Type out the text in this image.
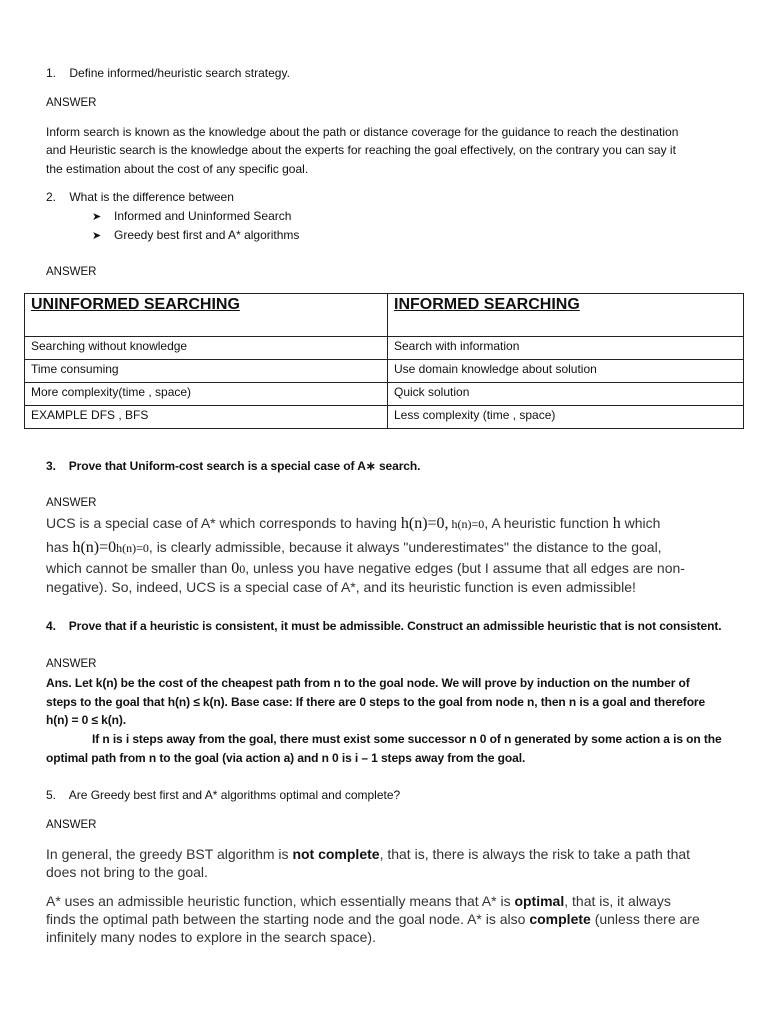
1. Define informed/heuristic search strategy.
ANSWER
Inform search is known as the knowledge about the path or distance coverage for the guidance to reach the destination
and Heuristic search is the knowledge about the experts for reaching the goal effectively, on the contrary you can say it
the estimation about the cost of any specific goal.
2. What is the difference between
➤ Informed and Uninformed Search
➤ Greedy best first and A* algorithms
ANSWER
UNINFORMED SEARCHING	INFORMED SEARCHING
Searching without knowledge	Search with information
Time consuming	Use domain knowledge about solution
More complexity(time , space)	Quick solution
EXAMPLE DFS , BFS	Less complexity (time , space)
3. Prove that Uniform-cost search is a special case of A∗ search.
ANSWER
UCS is a special case of A* which corresponds to having h(n)=0, h(n)=0, A heuristic function h which
has h(n)=0h(n)=0, is clearly admissible, because it always "underestimates" the distance to the goal,
which cannot be smaller than 00, unless you have negative edges (but I assume that all edges are non-
negative). So, indeed, UCS is a special case of A*, and its heuristic function is even admissible!
4. Prove that if a heuristic is consistent, it must be admissible. Construct an admissible heuristic that is not consistent.
ANSWER
Ans. Let k(n) be the cost of the cheapest path from n to the goal node. We will prove by induction on the number of
steps to the goal that h(n) ≤ k(n). Base case: If there are 0 steps to the goal from node n, then n is a goal and therefore
h(n) = 0 ≤ k(n).
If n is i steps away from the goal, there must exist some successor n 0 of n generated by some action a is on the
optimal path from n to the goal (via action a) and n 0 is i – 1 steps away from the goal.
5. Are Greedy best first and A* algorithms optimal and complete?
ANSWER
In general, the greedy BST algorithm is not complete, that is, there is always the risk to take a path that
does not bring to the goal.
A* uses an admissible heuristic function, which essentially means that A* is optimal, that is, it always
finds the optimal path between the starting node and the goal node. A* is also complete (unless there are
infinitely many nodes to explore in the search space).
